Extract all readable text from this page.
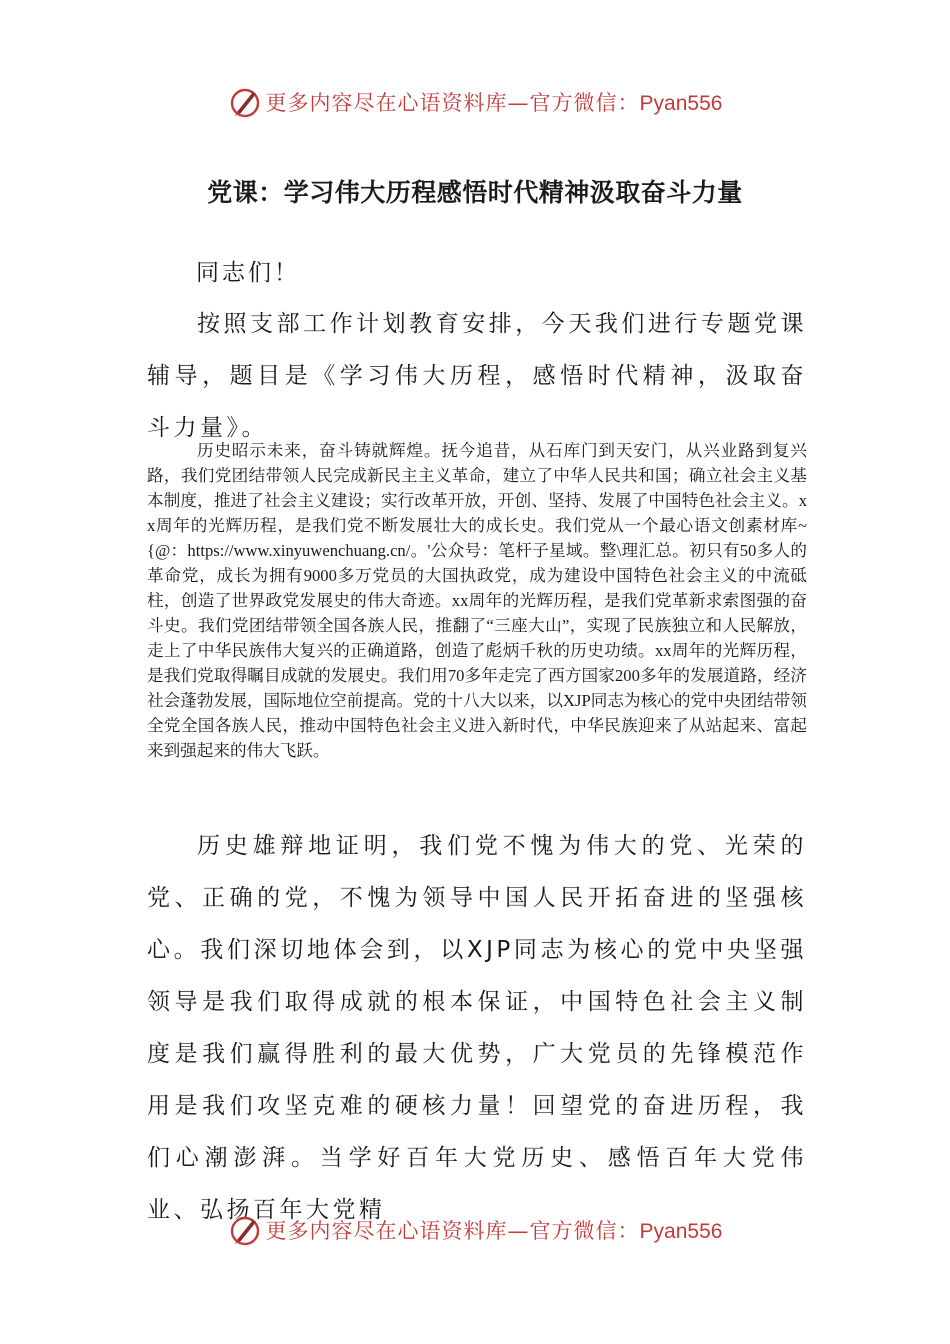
更多内容尽在心语资料库—官方微信：Pyan556
党课：学习伟大历程感悟时代精神汲取奋斗力量
同志们！

按照支部工作计划教育安排，今天我们进行专题党课辅导，题目是《学习伟大历程，感悟时代精神，汲取奋斗力量》。

历史昭示未来，奋斗铸就辉煌。抚今追昔，从石库门到天安门，从兴业路到复兴路，我们党团结带领人民完成新民主主义革命，建立了中华人民共和国；确立社会主义基本制度，推进了社会主义建设；实行改革开放，开创、坚持、发展了中国特色社会主义。xx周年的光辉历程，是我们党不断发展壮大的成长史。我们党从一个最心语文创素材库~{@：https://www.xinyuwenchuang.cn/。'公众号：笔杆子星域。整\理汇总。初只有50多人的革命党，成长为拥有9000多万党员的大国执政党，成为建设中国特色社会主义的中流砥柱，创造了世界政党发展史的伟大奇迹。xx周年的光辉历程，是我们党革新求索图强的奋斗史。我们党团结带领全国各族人民，推翻了“三座大山”，实现了民族独立和人民解放，走上了中华民族伟大复兴的正确道路，创造了彪炳千秋的历史功绩。xx周年的光辉历程，是我们党取得瞩目成就的发展史。我们用70多年走完了西方国家200多年的发展道路，经济社会蓬勃发展，国际地位空前提高。党的十八大以来，以XJP同志为核心的党中央团结带领全党全国各族人民，推动中国特色社会主义进入新时代，中华民族迎来了从站起来、富起来到强起来的伟大飞跃。

历史雄辩地证明，我们党不愧为伟大的党、光荣的党、正确的党，不愧为领导中国人民开拓奋进的坚强核心。我们深切地体会到，以XJP同志为核心的党中央坚强领导是我们取得成就的根本保证，中国特色社会主义制度是我们赢得胜利的最大优势，广大党员的先锋模范作用是我们攻坚克难的硬核力量！回望党的奋进历程，我们心潮澎湃。当学好百年大党历史、感悟百年大党伟业、弘扬百年大党精

更多内容尽在心语资料库—官方微信：Pyan556
